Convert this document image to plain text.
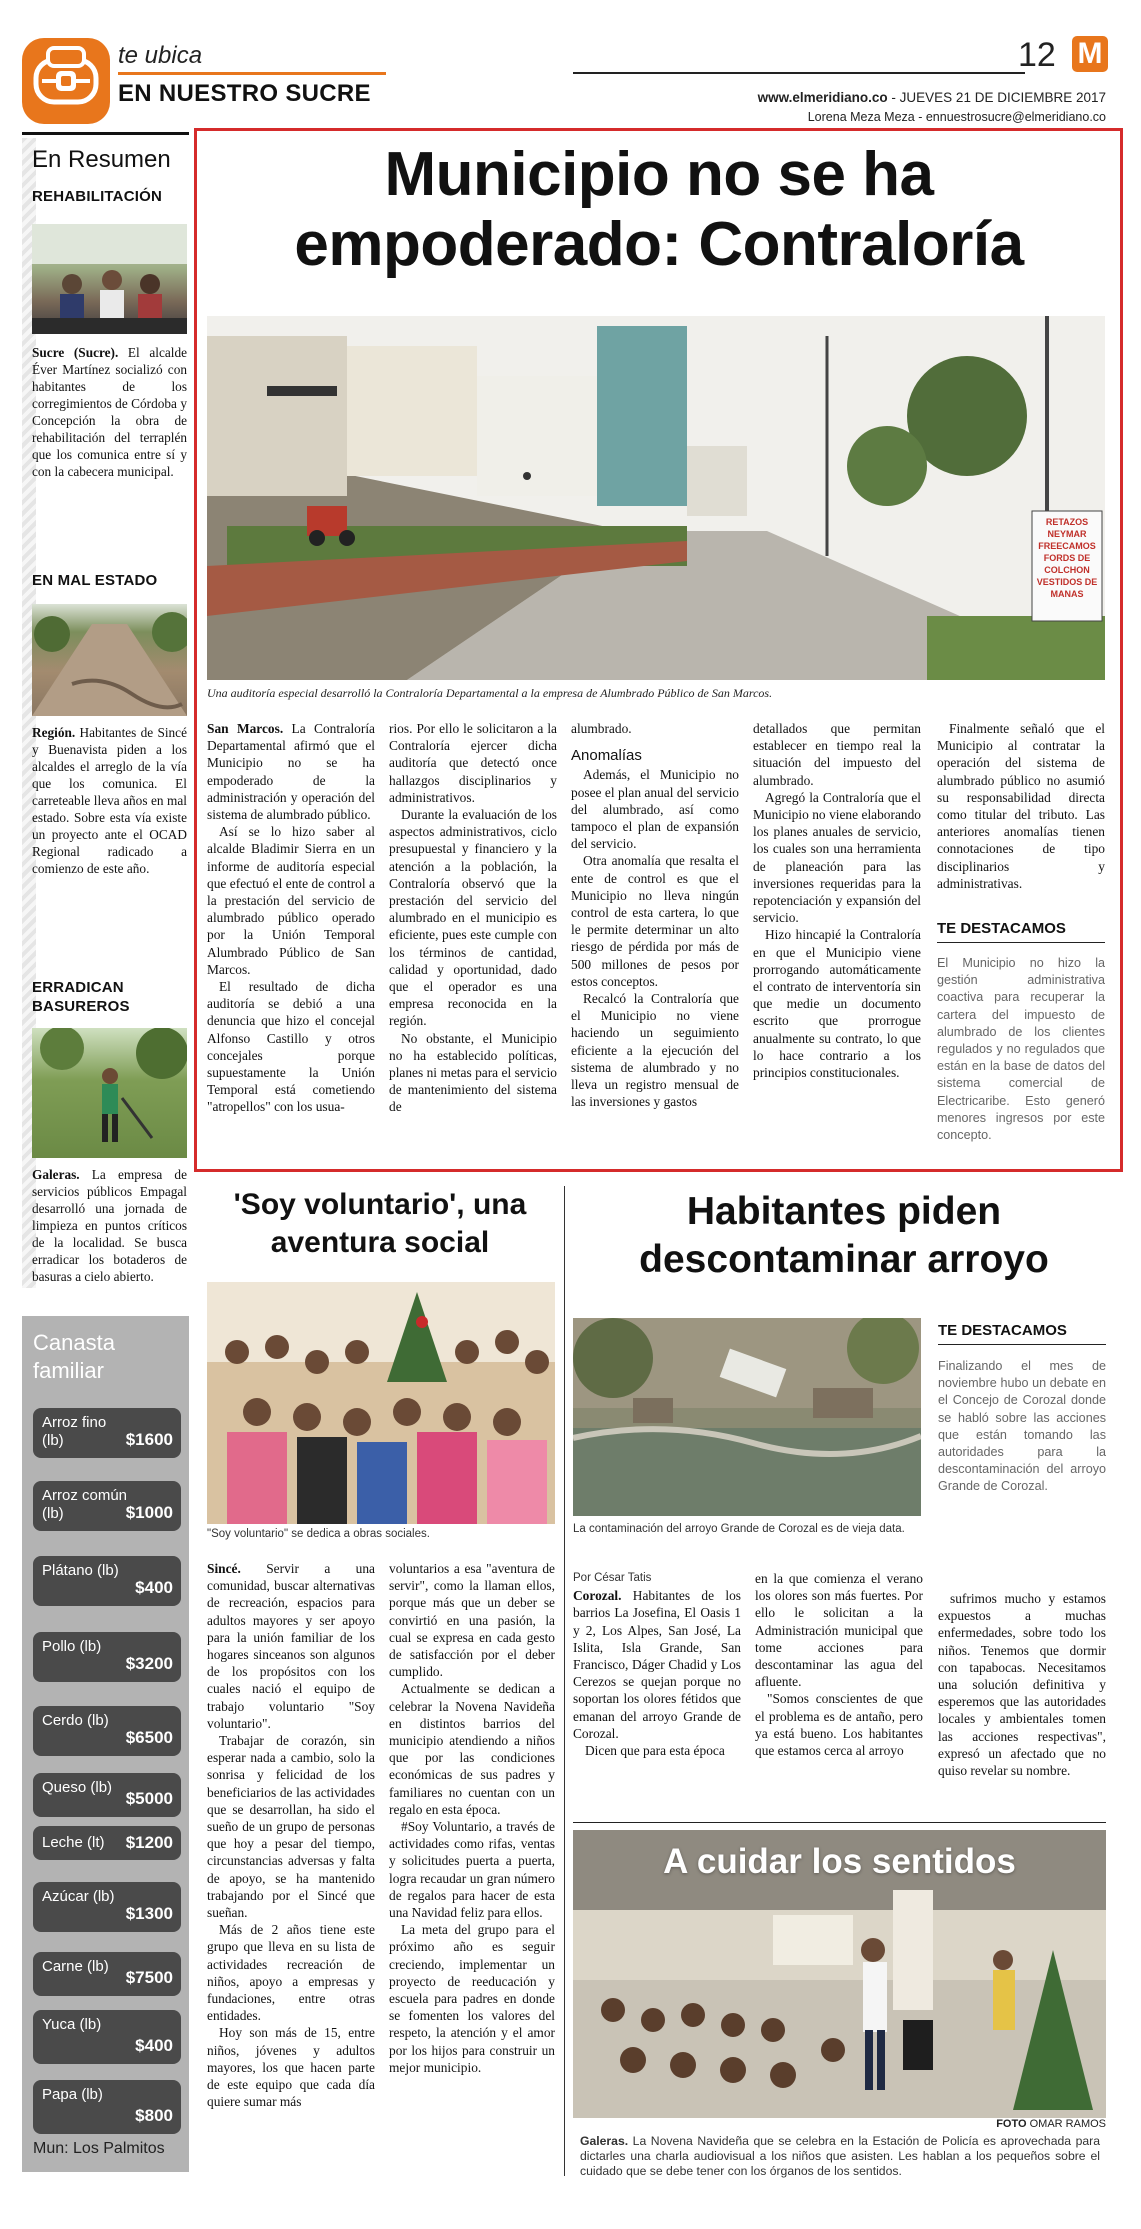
te ubica
EN NUESTRO SUCRE
12 M
www.elmeridiano.co - JUEVES 21 DE DICIEMBRE 2017
Lorena Meza Meza - ennuestrosucre@elmeridiano.co
En Resumen
REHABILITACIÓN
Sucre (Sucre). El alcalde Éver Martínez socializó con habitantes de los corregimientos de Córdoba y Concepción la obra de rehabilitación del terraplén que los comunica entre sí y con la cabecera municipal.
EN MAL ESTADO
Región. Habitantes de Sincé y Buenavista piden a los alcaldes el arreglo de la vía que los comunica. El carreteable lleva años en mal estado. Sobre esta vía existe un proyecto ante el OCAD Regional radicado a comienzo de este año.
ERRADICAN BASUREROS
Galeras. La empresa de servicios públicos Empagal desarrolló una jornada de limpieza en puntos críticos de la localidad. Se busca erradicar los botaderos de basuras a cielo abierto.
Canasta familiar
Arroz fino (lb)	$1600
Arroz común (lb)	$1000
Plátano (lb)
$400
Pollo (lb)
$3200
Cerdo (lb)
$6500
Queso (lb)
$5000
Leche (lt)	$1200
Azúcar (lb)
$1300
Carne (lb)
$7500
Yuca (lb)
$400
Papa (lb)
$800
Mun: Los Palmitos
Municipio no se ha
empoderado: Contraloría
RETAZOS NEYMAR FREECAMOS FORDS DE COLCHON VESTIDOS DE MANAS
Una auditoría especial desarrolló la Contraloría Departamental a la empresa de Alumbrado Público de San Marcos.

San Marcos. La Contraloría Departamental afirmó que el Municipio no se ha empoderado de la administración y operación del sistema de alumbrado público.

Así se lo hizo saber al alcalde Bladimir Sierra en un informe de auditoría especial que efectuó el ente de control a la prestación del servicio de alumbrado público operado por la Unión Temporal Alumbrado Público de San Marcos.

El resultado de dicha auditoría se debió a una denuncia que hizo el concejal Alfonso Castillo y otros concejales porque supuestamente la Unión Temporal está cometiendo "atropellos" con los usua-

rios. Por ello le solicitaron a la Contraloría ejercer dicha auditoría que detectó once hallazgos disciplinarios y administrativos.

Durante la evaluación de los aspectos administrativos, ciclo presupuestal y financiero y la atención a la población, la Contraloría observó que la prestación del servicio del alumbrado en el municipio es eficiente, pues este cumple con los términos de cantidad, calidad y oportunidad, dado que el operador es una empresa reconocida en la región.

No obstante, el Municipio no ha establecido políticas, planes ni metas para el servicio de mantenimiento del sistema de

alumbrado.

Anomalías

Además, el Municipio no posee el plan anual del servicio del alumbrado, así como tampoco el plan de expansión del servicio.

Otra anomalía que resalta el ente de control es que el Municipio no lleva ningún control de esta cartera, lo que le permite determinar un alto riesgo de pérdida por más de 500 millones de pesos por estos conceptos.

Recalcó la Contraloría que el Municipio no viene haciendo un seguimiento eficiente a la ejecución del sistema de alumbrado y no lleva un registro mensual de las inversiones y gastos

detallados que permitan establecer en tiempo real la situación del impuesto del alumbrado.

Agregó la Contraloría que el Municipio no viene elaborando los planes anuales de servicio, los cuales son una herramienta de planeación para las inversiones requeridas para la repotenciación y expansión del servicio.

Hizo hincapié la Contraloría en que el Municipio viene prorrogando automáticamente el contrato de interventoría sin que medie un documento escrito que prorrogue anualmente su contrato, lo que lo hace contrario a los principios constitucionales.

Finalmente señaló que el Municipio al contratar la operación del sistema de alumbrado público no asumió su responsabilidad directa como titular del tributo. Las anteriores anomalías tienen connotaciones de tipo disciplinarios y administrativas.

TE DESTACAMOS
El Municipio no hizo la gestión administrativa coactiva para recuperar la cartera del impuesto de alumbrado de los clientes regulados y no regulados que están en la base de datos del sistema comercial de Electricaribe. Esto generó menores ingresos por este concepto.
'Soy voluntario', una
aventura social
"Soy voluntario" se dedica a obras sociales.

Sincé. Servir a una comunidad, buscar alternativas de recreación, espacios para adultos mayores y ser apoyo para la unión familiar de los hogares sinceanos son algunos de los propósitos con los cuales nació el equipo de trabajo voluntario "Soy voluntario".

Trabajar de corazón, sin esperar nada a cambio, solo la sonrisa y felicidad de los beneficiarios de las actividades que se desarrollan, ha sido el sueño de un grupo de personas que hoy a pesar del tiempo, circunstancias adversas y falta de apoyo, se ha mantenido trabajando por el Sincé que sueñan.

Más de 2 años tiene este grupo que lleva en su lista de actividades recreación de niños, apoyo a empresas y fundaciones, entre otras entidades.

Hoy son más de 15, entre niños, jóvenes y adultos mayores, los que hacen parte de este equipo que cada día quiere sumar más

voluntarios a esa "aventura de servir", como la llaman ellos, porque más que un deber se convirtió en una pasión, la cual se expresa en cada gesto de satisfacción por el deber cumplido.

Actualmente se dedican a celebrar la Novena Navideña en distintos barrios del municipio atendiendo a niños que por las condiciones económicas de sus padres y familiares no cuentan con un regalo en esta época.

#Soy Voluntario, a través de actividades como rifas, ventas y solicitudes puerta a puerta, logra recaudar un gran número de regalos para hacer de esta una Navidad feliz para ellos.

La meta del grupo para el próximo año es seguir creciendo, implementar un proyecto de reeducación y escuela para padres en donde se fomenten los valores del respeto, la atención y el amor por los hijos para construir un mejor municipio.

Habitantes piden
descontaminar arroyo
La contaminación del arroyo Grande de Corozal es de vieja data.
TE DESTACAMOS
Finalizando el mes de noviembre hubo un debate en el Concejo de Corozal donde se habló sobre las acciones que están tomando las autoridades para la descontaminación del arroyo Grande de Corozal.
Por César Tatis

Corozal. Habitantes de los barrios La Josefina, El Oasis 1 y 2, Los Alpes, San José, La Islita, Isla Grande, San Francisco, Dáger Chadid y Los Cerezos se quejan porque no soportan los olores fétidos que emanan del arroyo Grande de Corozal.

Dicen que para esta época

en la que comienza el verano los olores son más fuertes. Por ello le solicitan a la Administración municipal que tome acciones para descontaminar las agua del afluente.

"Somos conscientes de que el problema es de antaño, pero ya está bueno. Los habitantes que estamos cerca al arroyo

sufrimos mucho y estamos expuestos a muchas enfermedades, sobre todo los niños. Tenemos que dormir con tapabocas. Necesitamos una solución definitiva y esperemos que las autoridades locales y ambientales tomen las acciones respectivas", expresó un afectado que no quiso revelar su nombre.

A cuidar los sentidos
FOTO OMAR RAMOS
Galeras. La Novena Navideña que se celebra en la Estación de Policía es aprovechada para dictarles una charla audiovisual a los niños que asisten. Les hablan a los pequeños sobre el cuidado que se debe tener con los órganos de los sentidos.
